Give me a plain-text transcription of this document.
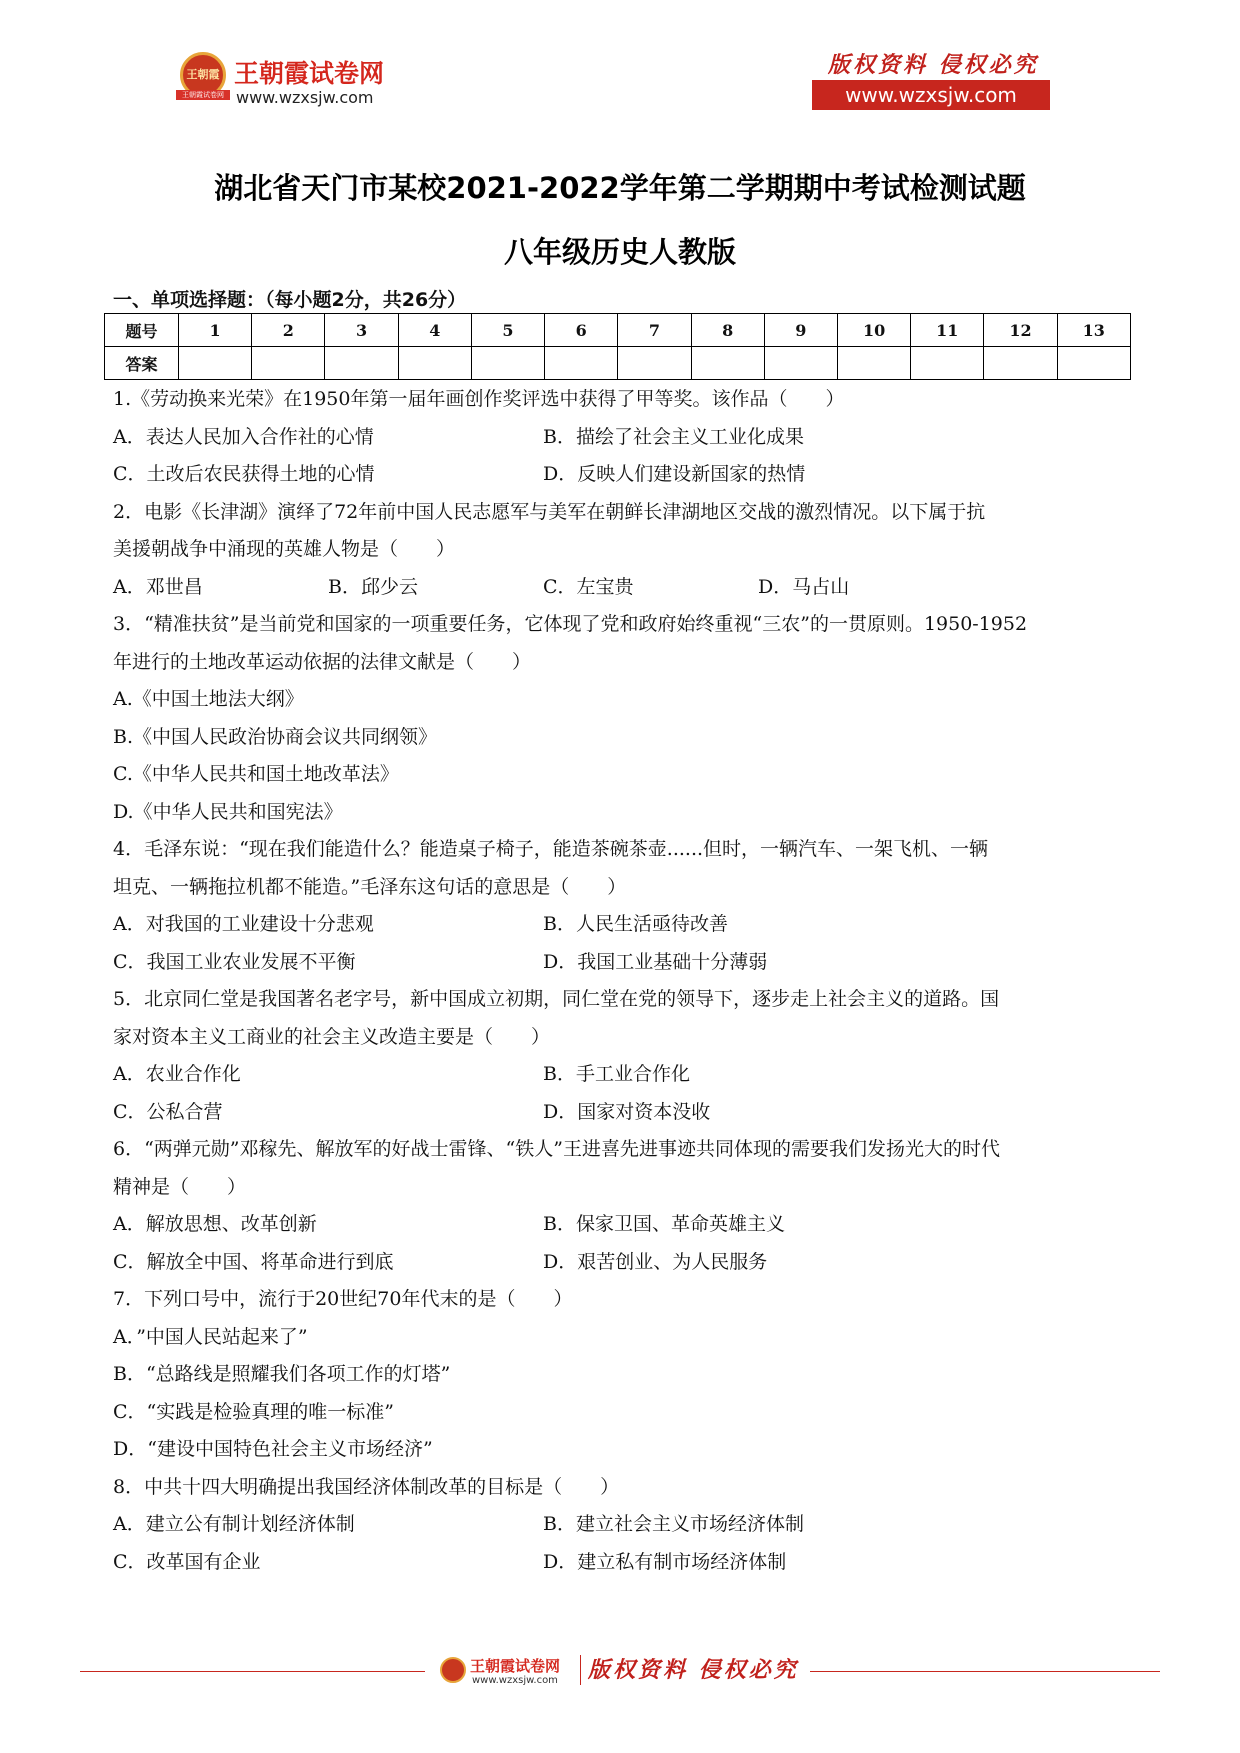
王朝霞
王朝霞试卷网
王朝霞试卷网
www.wzxsjw.com
版权资料 侵权必究
www.wzxsjw.com
湖北省天门市某校2021-2022学年第二学期期中考试检测试题
八年级历史人教版
一、单项选择题：（每小题2分，共26分）
题号	1	2	3	4	5	6	7	8	9	10	11	12	13
答案													
1.《劳动换来光荣》在1950年第一届年画创作奖评选中获得了甲等奖。该作品（　　）
A．表达人民加入合作社的心情	B．描绘了社会主义工业化成果
C．土改后农民获得土地的心情	D．反映人们建设新国家的热情
2．电影《长津湖》演绎了72年前中国人民志愿军与美军在朝鲜长津湖地区交战的激烈情况。以下属于抗
美援朝战争中涌现的英雄人物是（　　）
A．邓世昌	B．邱少云	C．左宝贵	D．马占山
3．“精准扶贫”是当前党和国家的一项重要任务，它体现了党和政府始终重视“三农”的一贯原则。1950-1952
年进行的土地改革运动依据的法律文献是（　　）
A.《中国土地法大纲》
B.《中国人民政治协商会议共同纲领》
C.《中华人民共和国土地改革法》
D.《中华人民共和国宪法》
4．毛泽东说：“现在我们能造什么？能造桌子椅子，能造茶碗茶壶......但时，一辆汽车、一架飞机、一辆
坦克、一辆拖拉机都不能造。”毛泽东这句话的意思是（　　）
A．对我国的工业建设十分悲观	B．人民生活亟待改善
C．我国工业农业发展不平衡	D．我国工业基础十分薄弱
5．北京同仁堂是我国著名老字号，新中国成立初期，同仁堂在党的领导下，逐步走上社会主义的道路。国
家对资本主义工商业的社会主义改造主要是（　　）
A．农业合作化	B．手工业合作化
C．公私合营	D．国家对资本没收
6．“两弹元勋”邓稼先、解放军的好战士雷锋、“铁人”王进喜先进事迹共同体现的需要我们发扬光大的时代
精神是（　　）
A．解放思想、改革创新	B．保家卫国、革命英雄主义
C．解放全中国、将革命进行到底	D．艰苦创业、为人民服务
7．下列口号中，流行于20世纪70年代末的是（　　）
A．”中国人民站起来了”
B．“总路线是照耀我们各项工作的灯塔”
C．“实践是检验真理的唯一标准”
D．“建设中国特色社会主义市场经济”
8．中共十四大明确提出我国经济体制改革的目标是（　　）
A．建立公有制计划经济体制	B．建立社会主义市场经济体制
C．改革国有企业	D．建立私有制市场经济体制
王朝霞试卷网
www.wzxsjw.com 版权资料 侵权必究
